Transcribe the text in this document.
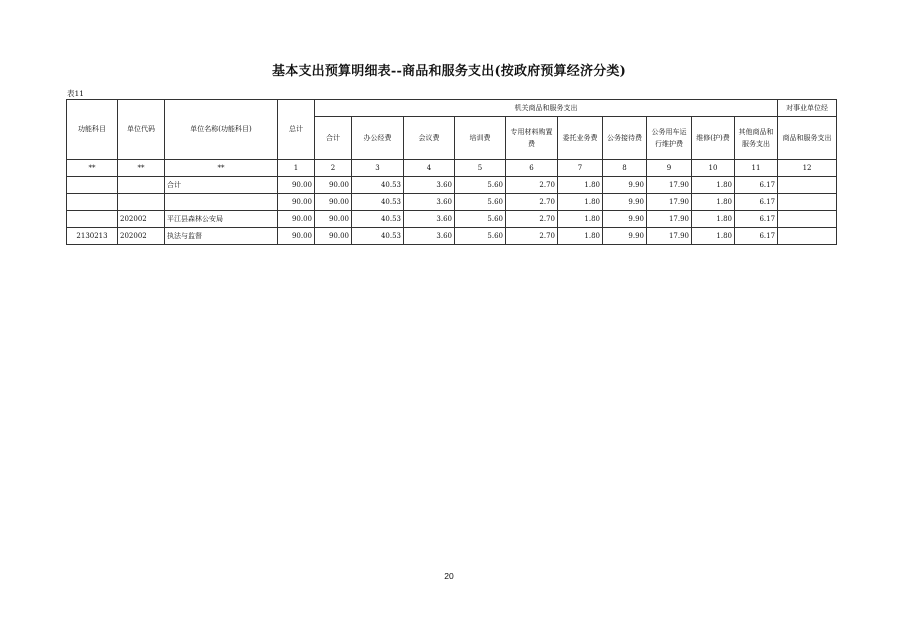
基本支出预算明细表--商品和服务支出(按政府预算经济分类)
表11
功能科目	单位代码	单位名称(功能科目)	总计	机关商品和服务支出										对事业单位经
				合计	办公经费	会议费	培训费	专用材料购置费	委托业务费	公务接待费	公务用车运行维护费	维修(护)费	其他商品和服务支出	商品和服务支出
**	**	**	1	2	3	4	5	6	7	8	9	10	11	12
		合计	90.00	90.00	40.53	3.60	5.60	2.70	1.80	9.90	17.90	1.80	6.17	
			90.00	90.00	40.53	3.60	5.60	2.70	1.80	9.90	17.90	1.80	6.17	
	202002	平江县森林公安局	90.00	90.00	40.53	3.60	5.60	2.70	1.80	9.90	17.90	1.80	6.17	
2130213	202002	执法与监督	90.00	90.00	40.53	3.60	5.60	2.70	1.80	9.90	17.90	1.80	6.17	
20
